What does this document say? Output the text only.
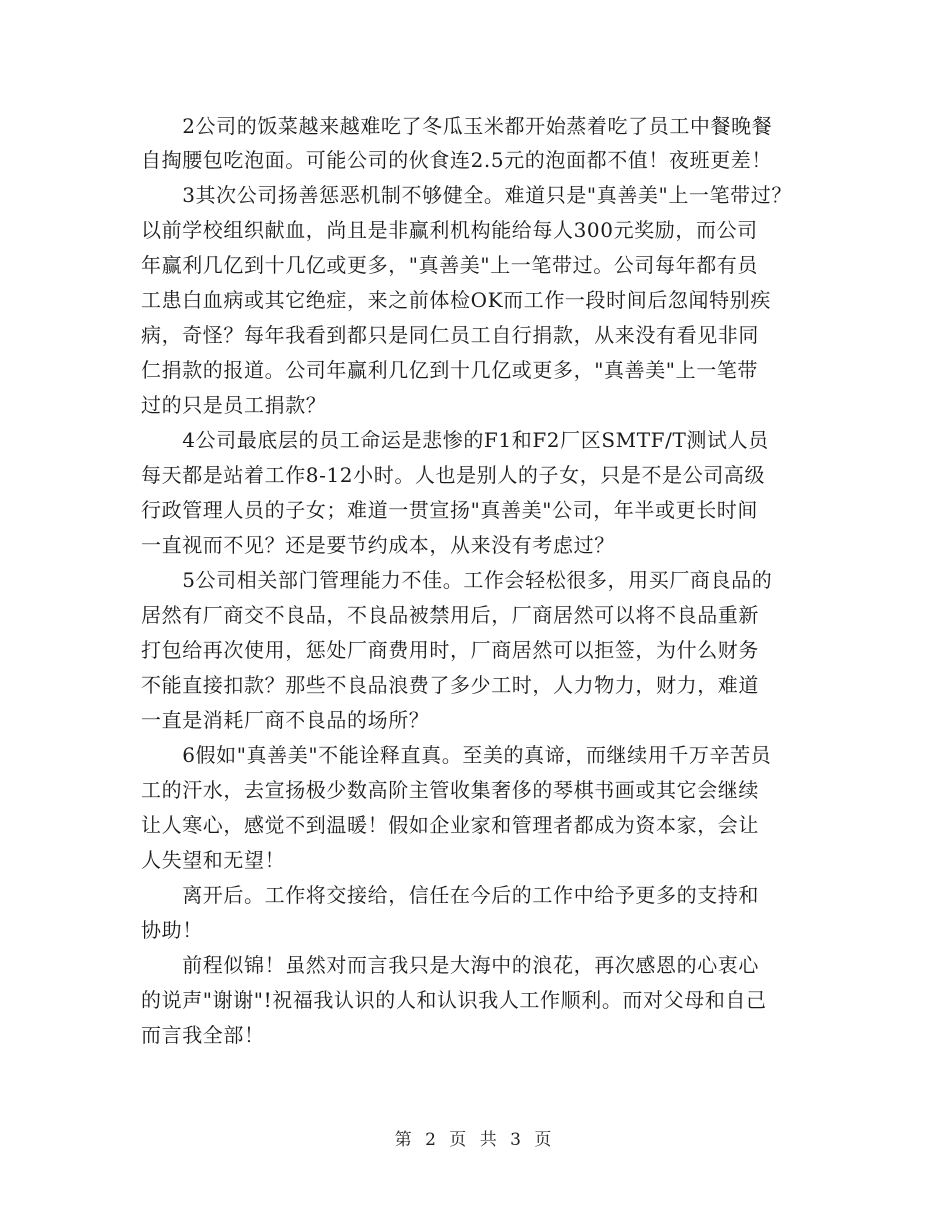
　　2公司的饭菜越来越难吃了冬瓜玉米都开始蒸着吃了员工中餐晚餐
自掏腰包吃泡面。可能公司的伙食连2.5元的泡面都不值！夜班更差！
　　3其次公司扬善惩恶机制不够健全。难道只是"真善美"上一笔带过？
以前学校组织献血，尚且是非赢利机构能给每人300元奖励，而公司
年赢利几亿到十几亿或更多，"真善美"上一笔带过。公司每年都有员
工患白血病或其它绝症，来之前体检OK而工作一段时间后忽闻特别疾
病，奇怪？每年我看到都只是同仁员工自行捐款，从来没有看见非同
仁捐款的报道。公司年赢利几亿到十几亿或更多，"真善美"上一笔带
过的只是员工捐款？
　　4公司最底层的员工命运是悲惨的F1和F2厂区SMTF/T测试人员
每天都是站着工作8-12小时。人也是别人的子女，只是不是公司高级
行政管理人员的子女；难道一贯宣扬"真善美"公司，年半或更长时间
一直视而不见？还是要节约成本，从来没有考虑过？
　　5公司相关部门管理能力不佳。工作会轻松很多，用买厂商良品的
居然有厂商交不良品，不良品被禁用后，厂商居然可以将不良品重新
打包给再次使用，惩处厂商费用时，厂商居然可以拒签，为什么财务
不能直接扣款？那些不良品浪费了多少工时，人力物力，财力，难道
一直是消耗厂商不良品的场所？
　　6假如"真善美"不能诠释直真。至美的真谛，而继续用千万辛苦员
工的汗水，去宣扬极少数高阶主管收集奢侈的琴棋书画或其它会继续
让人寒心，感觉不到温暖！假如企业家和管理者都成为资本家，会让
人失望和无望！
　　离开后。工作将交接给，信任在今后的工作中给予更多的支持和
协助！
　　前程似锦！虽然对而言我只是大海中的浪花，再次感恩的心衷心
的说声"谢谢"!祝福我认识的人和认识我人工作顺利。而对父母和自己
而言我全部！
第 2 页 共 3 页
